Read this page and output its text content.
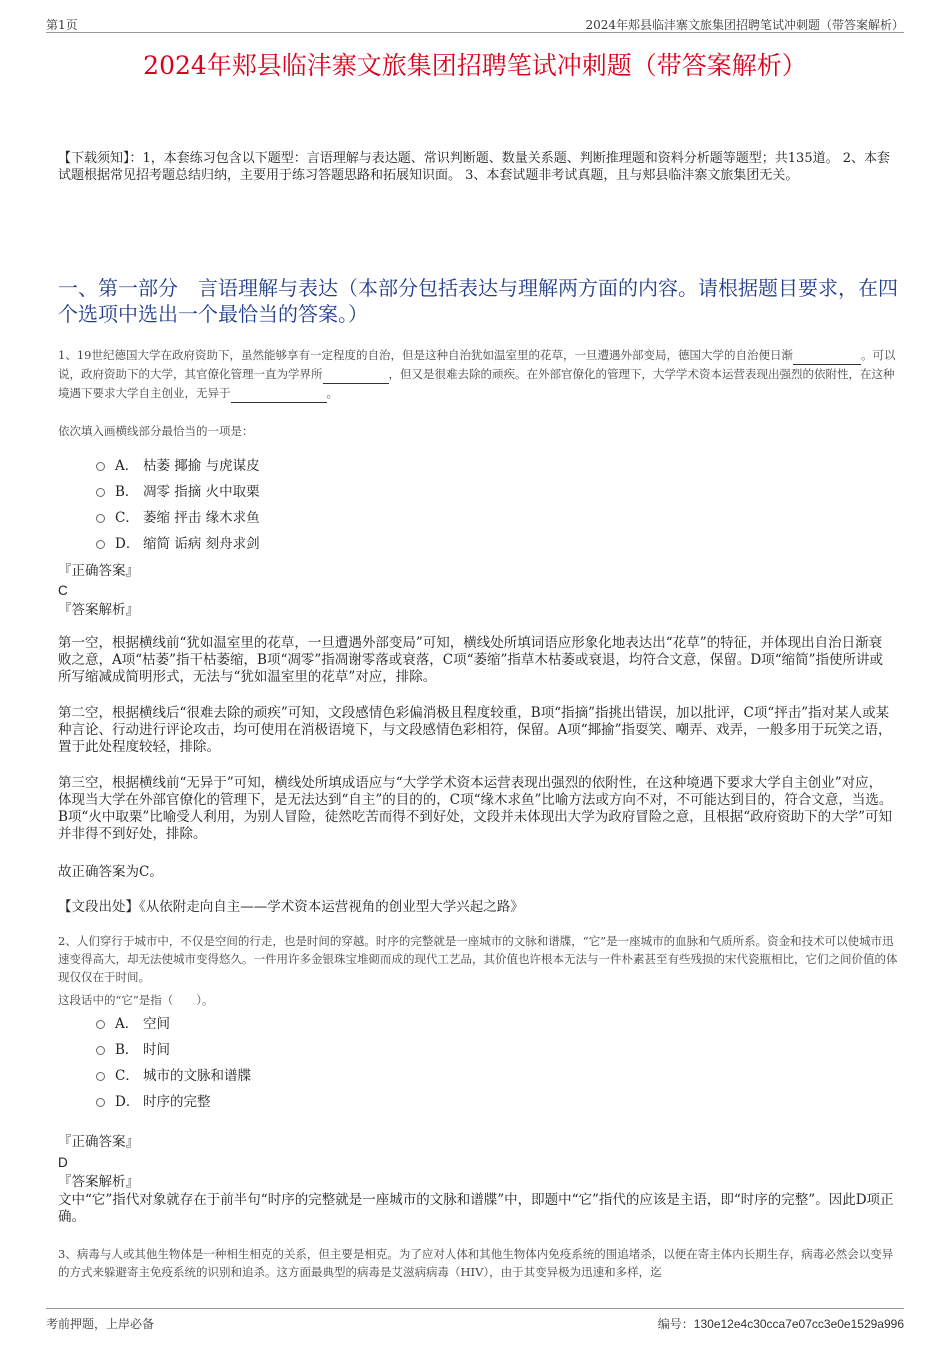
第1页	2024年郏县临沣寨文旅集团招聘笔试冲刺题（带答案解析）
2024年郏县临沣寨文旅集团招聘笔试冲刺题（带答案解析）
【下载须知】：1，本套练习包含以下题型：言语理解与表达题、常识判断题、数量关系题、判断推理题和资料分析题等题型；共135道。 2、本套试题根据常见招考题总结归纳，主要用于练习答题思路和拓展知识面。 3、本套试题非考试真题，且与郏县临沣寨文旅集团无关。
一、第一部分　言语理解与表达（本部分包括表达与理解两方面的内容。请根据题目要求，在四个选项中选出一个最恰当的答案。）
1、19世纪德国大学在政府资助下，虽然能够享有一定程度的自治，但是这种自治犹如温室里的花草，一旦遭遇外部变局，德国大学的自治便日渐	。可以说，政府资助下的大学，其官僚化管理一直为学界所	，但又是很难去除的顽疾。在外部官僚化的管理下，大学学术资本运营表现出强烈的依附性，在这种境遇下要求大学自主创业，无异于	。
依次填入画横线部分最恰当的一项是：
A． 枯萎 揶揄 与虎谋皮
B． 凋零 指摘 火中取栗
C． 萎缩 抨击 缘木求鱼
D． 缩简 诟病 刻舟求剑
『正确答案』
C
『答案解析』
第一空，根据横线前“犹如温室里的花草，一旦遭遇外部变局”可知，横线处所填词语应形象化地表达出“花草”的特征，并体现出自治日渐衰败之意，A项“枯萎”指干枯萎缩，B项“凋零”指凋谢零落或衰落，C项“萎缩”指草木枯萎或衰退，均符合文意，保留。D项“缩简”指使所讲或所写缩减成简明形式，无法与“犹如温室里的花草”对应，排除。
第二空，根据横线后“很难去除的顽疾”可知，文段感情色彩偏消极且程度较重，B项“指摘”指挑出错误，加以批评，C项“抨击”指对某人或某种言论、行动进行评论攻击，均可使用在消极语境下，与文段感情色彩相符，保留。A项“揶揄”指耍笑、嘲弄、戏弄，一般多用于玩笑之语，置于此处程度较轻，排除。
第三空，根据横线前“无异于”可知，横线处所填成语应与“大学学术资本运营表现出强烈的依附性，在这种境遇下要求大学自主创业”对应，体现当大学在外部官僚化的管理下，是无法达到“自主”的目的的，C项“缘木求鱼”比喻方法或方向不对，不可能达到目的，符合文意，当选。B项“火中取栗”比喻受人利用，为别人冒险，徒然吃苦而得不到好处，文段并未体现出大学为政府冒险之意，且根据“政府资助下的大学”可知并非得不到好处，排除。
故正确答案为C。
【文段出处】《从依附走向自主——学术资本运营视角的创业型大学兴起之路》
2、人们穿行于城市中，不仅是空间的行走，也是时间的穿越。时序的完整就是一座城市的文脉和谱牒，“它”是一座城市的血脉和气质所系。资金和技术可以使城市迅速变得高大，却无法使城市变得悠久。一件用许多金银珠宝堆砌而成的现代工艺品，其价值也许根本无法与一件朴素甚至有些残损的宋代瓷瓶相比，它们之间价值的体现仅仅在于时间。
这段话中的“它”是指（　　）。
A． 空间
B． 时间
C． 城市的文脉和谱牒
D． 时序的完整
『正确答案』
D
『答案解析』
文中“它”指代对象就存在于前半句“时序的完整就是一座城市的文脉和谱牒”中，即题中“它”指代的应该是主语，即“时序的完整”。因此D项正确。
3、病毒与人或其他生物体是一种相生相克的关系，但主要是相克。为了应对人体和其他生物体内免疫系统的围追堵杀，以便在寄主体内长期生存，病毒必然会以变异的方式来躲避寄主免疫系统的识别和追杀。这方面最典型的病毒是艾滋病病毒（HIV），由于其变异极为迅速和多样，迄
考前押题，上岸必备	编号：130e12e4c30cca7e07cc3e0e1529a996
